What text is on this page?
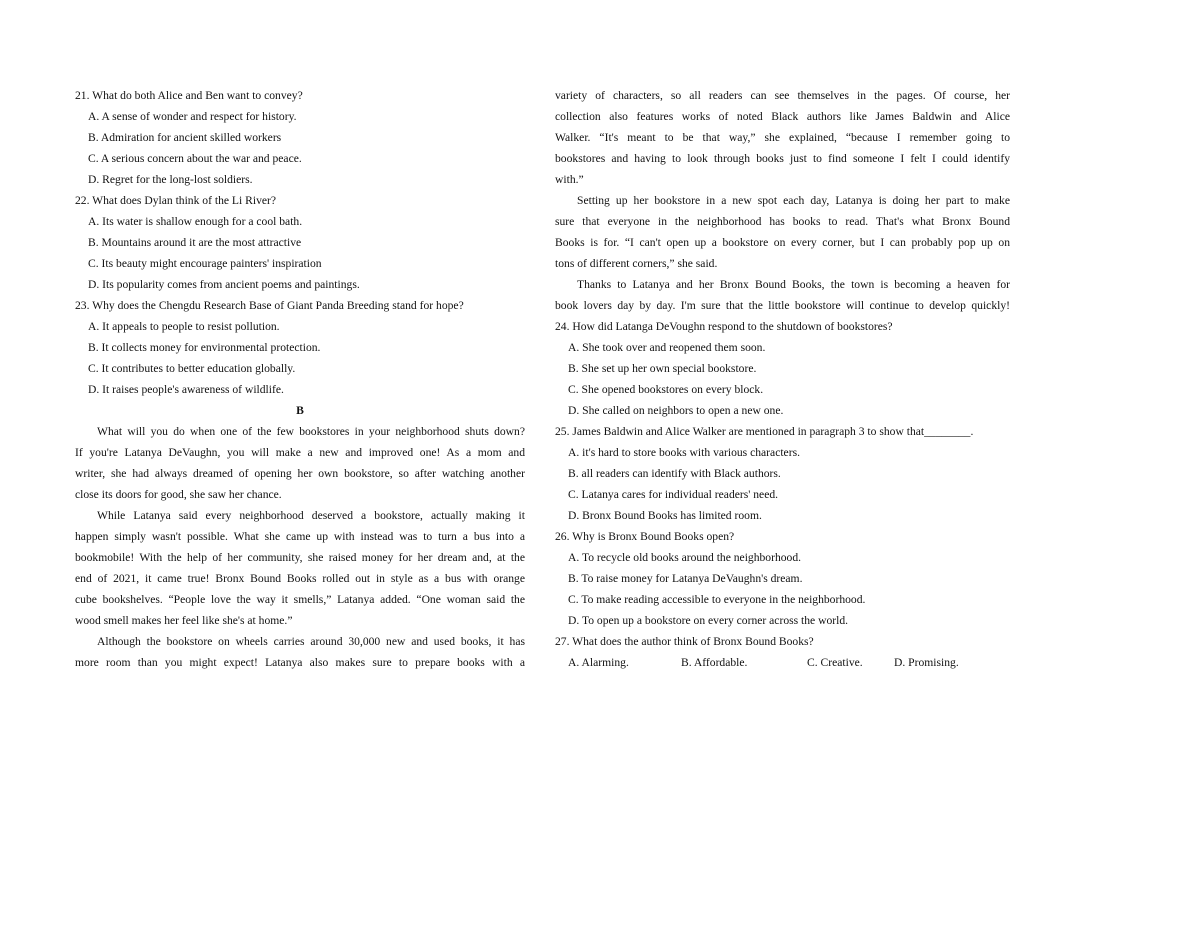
21. What do both Alice and Ben want to convey?
A. A sense of wonder and respect for history.
B. Admiration for ancient skilled workers
C. A serious concern about the war and peace.
D. Regret for the long-lost soldiers.
22. What does Dylan think of the Li River?
A. Its water is shallow enough for a cool bath.
B. Mountains around it are the most attractive
C. Its beauty might encourage painters' inspiration
D. Its popularity comes from ancient poems and paintings.
23. Why does the Chengdu Research Base of Giant Panda Breeding stand for hope?
A. It appeals to people to resist pollution.
B. It collects money for environmental protection.
C. It contributes to better education globally.
D. It raises people's awareness of wildlife.
B
What will you do when one of the few bookstores in your neighborhood shuts down?
If you're Latanya DeVaughn, you will make a new and improved one! As a mom and
writer, she had always dreamed of opening her own bookstore, so after watching another
close its doors for good, she saw her chance.
While Latanya said every neighborhood deserved a bookstore, actually making it
happen simply wasn't possible. What she came up with instead was to turn a bus into a
bookmobile! With the help of her community, she raised money for her dream and, at the
end of 2021, it came true! Bronx Bound Books rolled out in style as a bus with orange
cube bookshelves. “People love the way it smells,” Latanya added. “One woman said the
wood smell makes her feel like she's at home.”
Although the bookstore on wheels carries around 30,000 new and used books, it has
more room than you might expect! Latanya also makes sure to prepare books with a
variety of characters, so all readers can see themselves in the pages. Of course, her
collection also features works of noted Black authors like James Baldwin and Alice
Walker. “It's meant to be that way,” she explained, “because I remember going to
bookstores and having to look through books just to find someone I felt I could identify
with.”
Setting up her bookstore in a new spot each day, Latanya is doing her part to make
sure that everyone in the neighborhood has books to read. That's what Bronx Bound
Books is for. “I can't open up a bookstore on every corner, but I can probably pop up on
tons of different corners,” she said.
Thanks to Latanya and her Bronx Bound Books, the town is becoming a heaven for
book lovers day by day. I'm sure that the little bookstore will continue to develop quickly!
24. How did Latanga DeVoughn respond to the shutdown of bookstores?
A. She took over and reopened them soon.
B. She set up her own special bookstore.
C. She opened bookstores on every block.
D. She called on neighbors to open a new one.
25. James Baldwin and Alice Walker are mentioned in paragraph 3 to show that________.
A. it's hard to store books with various characters.
B. all readers can identify with Black authors.
C. Latanya cares for individual readers' need.
D. Bronx Bound Books has limited room.
26. Why is Bronx Bound Books open?
A. To recycle old books around the neighborhood.
B. To raise money for Latanya DeVaughn's dream.
C. To make reading accessible to everyone in the neighborhood.
D. To open up a bookstore on every corner across the world.
27. What does the author think of Bronx Bound Books?
A. Alarming.	B. Affordable.	C. Creative.	D. Promising.
